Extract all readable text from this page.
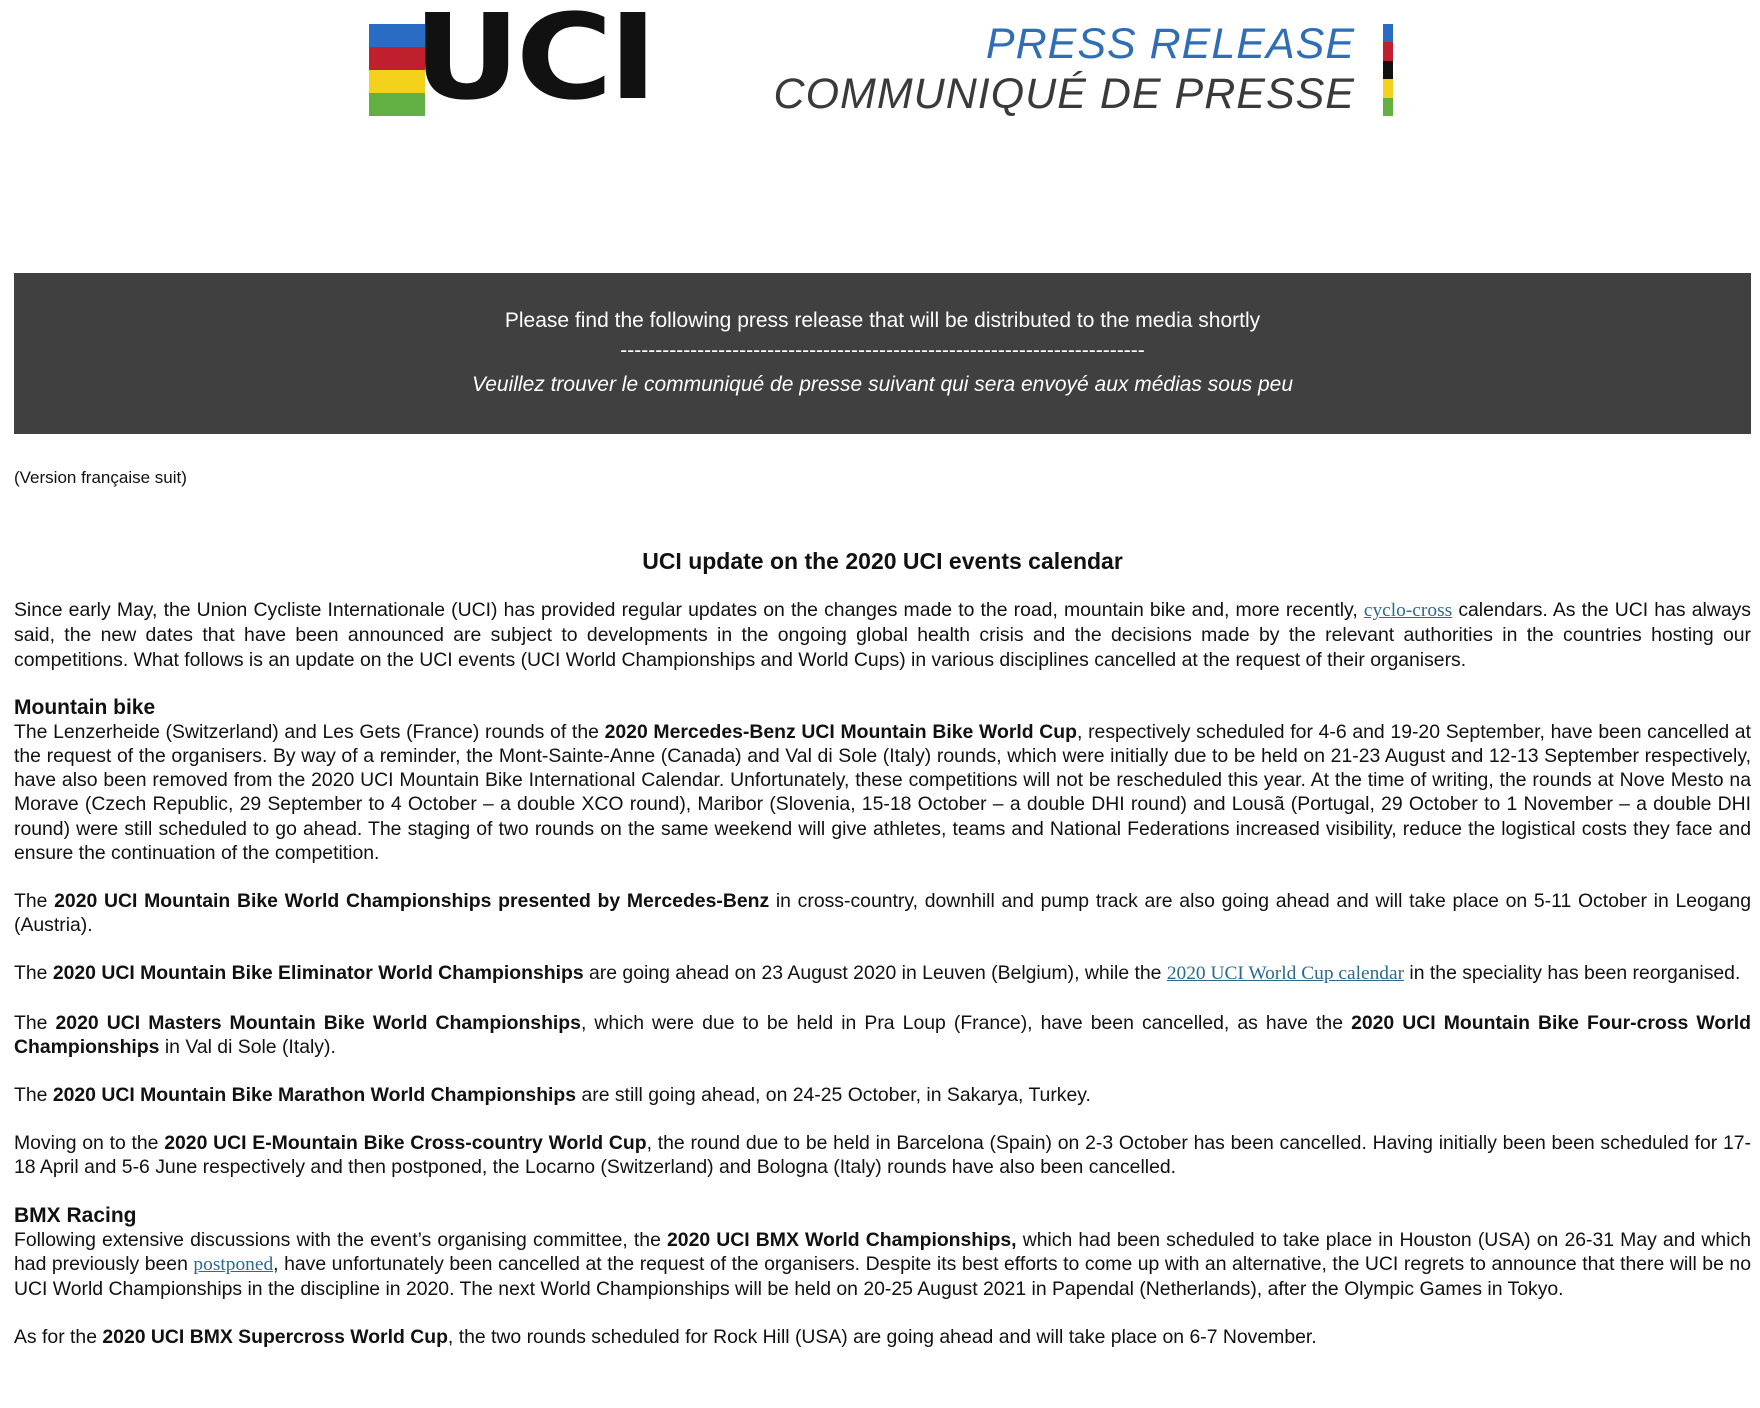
UCI	PRESS RELEASE
COMMUNIQUÉ DE PRESSE
Please find the following press release that will be distributed to the media shortly
---------------------------------------------------------------------------
Veuillez trouver le communiqué de presse suivant qui sera envoyé aux médias sous peu
(Version française suit)
UCI update on the 2020 UCI events calendar

Since early May, the Union Cycliste Internationale (UCI) has provided regular updates on the changes made to the road, mountain bike and, more recently, cyclo-cross calendars. As the UCI has always said, the new dates that have been announced are subject to developments in the ongoing global health crisis and the decisions made by the relevant authorities in the countries hosting our competitions. What follows is an update on the UCI events (UCI World Championships and World Cups) in various disciplines cancelled at the request of their organisers.

Mountain bike
The Lenzerheide (Switzerland) and Les Gets (France) rounds of the 2020 Mercedes-Benz UCI Mountain Bike World Cup, respectively scheduled for 4-6 and 19-20 September, have been cancelled at the request of the organisers. By way of a reminder, the Mont-Sainte-Anne (Canada) and Val di Sole (Italy) rounds, which were initially due to be held on 21-23 August and 12-13 September respectively, have also been removed from the 2020 UCI Mountain Bike International Calendar. Unfortunately, these competitions will not be rescheduled this year. At the time of writing, the rounds at Nove Mesto na Morave (Czech Republic, 29 September to 4 October – a double XCO round), Maribor (Slovenia, 15-18 October – a double DHI round) and Lousã (Portugal, 29 October to 1 November – a double DHI round) were still scheduled to go ahead. The staging of two rounds on the same weekend will give athletes, teams and National Federations increased visibility, reduce the logistical costs they face and ensure the continuation of the competition.

The 2020 UCI Mountain Bike World Championships presented by Mercedes-Benz in cross-country, downhill and pump track are also going ahead and will take place on 5-11 October in Leogang (Austria).

The 2020 UCI Mountain Bike Eliminator World Championships are going ahead on 23 August 2020 in Leuven (Belgium), while the 2020 UCI World Cup calendar in the speciality has been reorganised.

The 2020 UCI Masters Mountain Bike World Championships, which were due to be held in Pra Loup (France), have been cancelled, as have the 2020 UCI Mountain Bike Four-cross World Championships in Val di Sole (Italy).

The 2020 UCI Mountain Bike Marathon World Championships are still going ahead, on 24-25 October, in Sakarya, Turkey.

Moving on to the 2020 UCI E-Mountain Bike Cross-country World Cup, the round due to be held in Barcelona (Spain) on 2-3 October has been cancelled. Having initially been been scheduled for 17-18 April and 5-6 June respectively and then postponed, the Locarno (Switzerland) and Bologna (Italy) rounds have also been cancelled.

BMX Racing
Following extensive discussions with the event’s organising committee, the 2020 UCI BMX World Championships, which had been scheduled to take place in Houston (USA) on 26-31 May and which had previously been postponed, have unfortunately been cancelled at the request of the organisers. Despite its best efforts to come up with an alternative, the UCI regrets to announce that there will be no UCI World Championships in the discipline in 2020. The next World Championships will be held on 20-25 August 2021 in Papendal (Netherlands), after the Olympic Games in Tokyo.

As for the 2020 UCI BMX Supercross World Cup, the two rounds scheduled for Rock Hill (USA) are going ahead and will take place on 6-7 November.
